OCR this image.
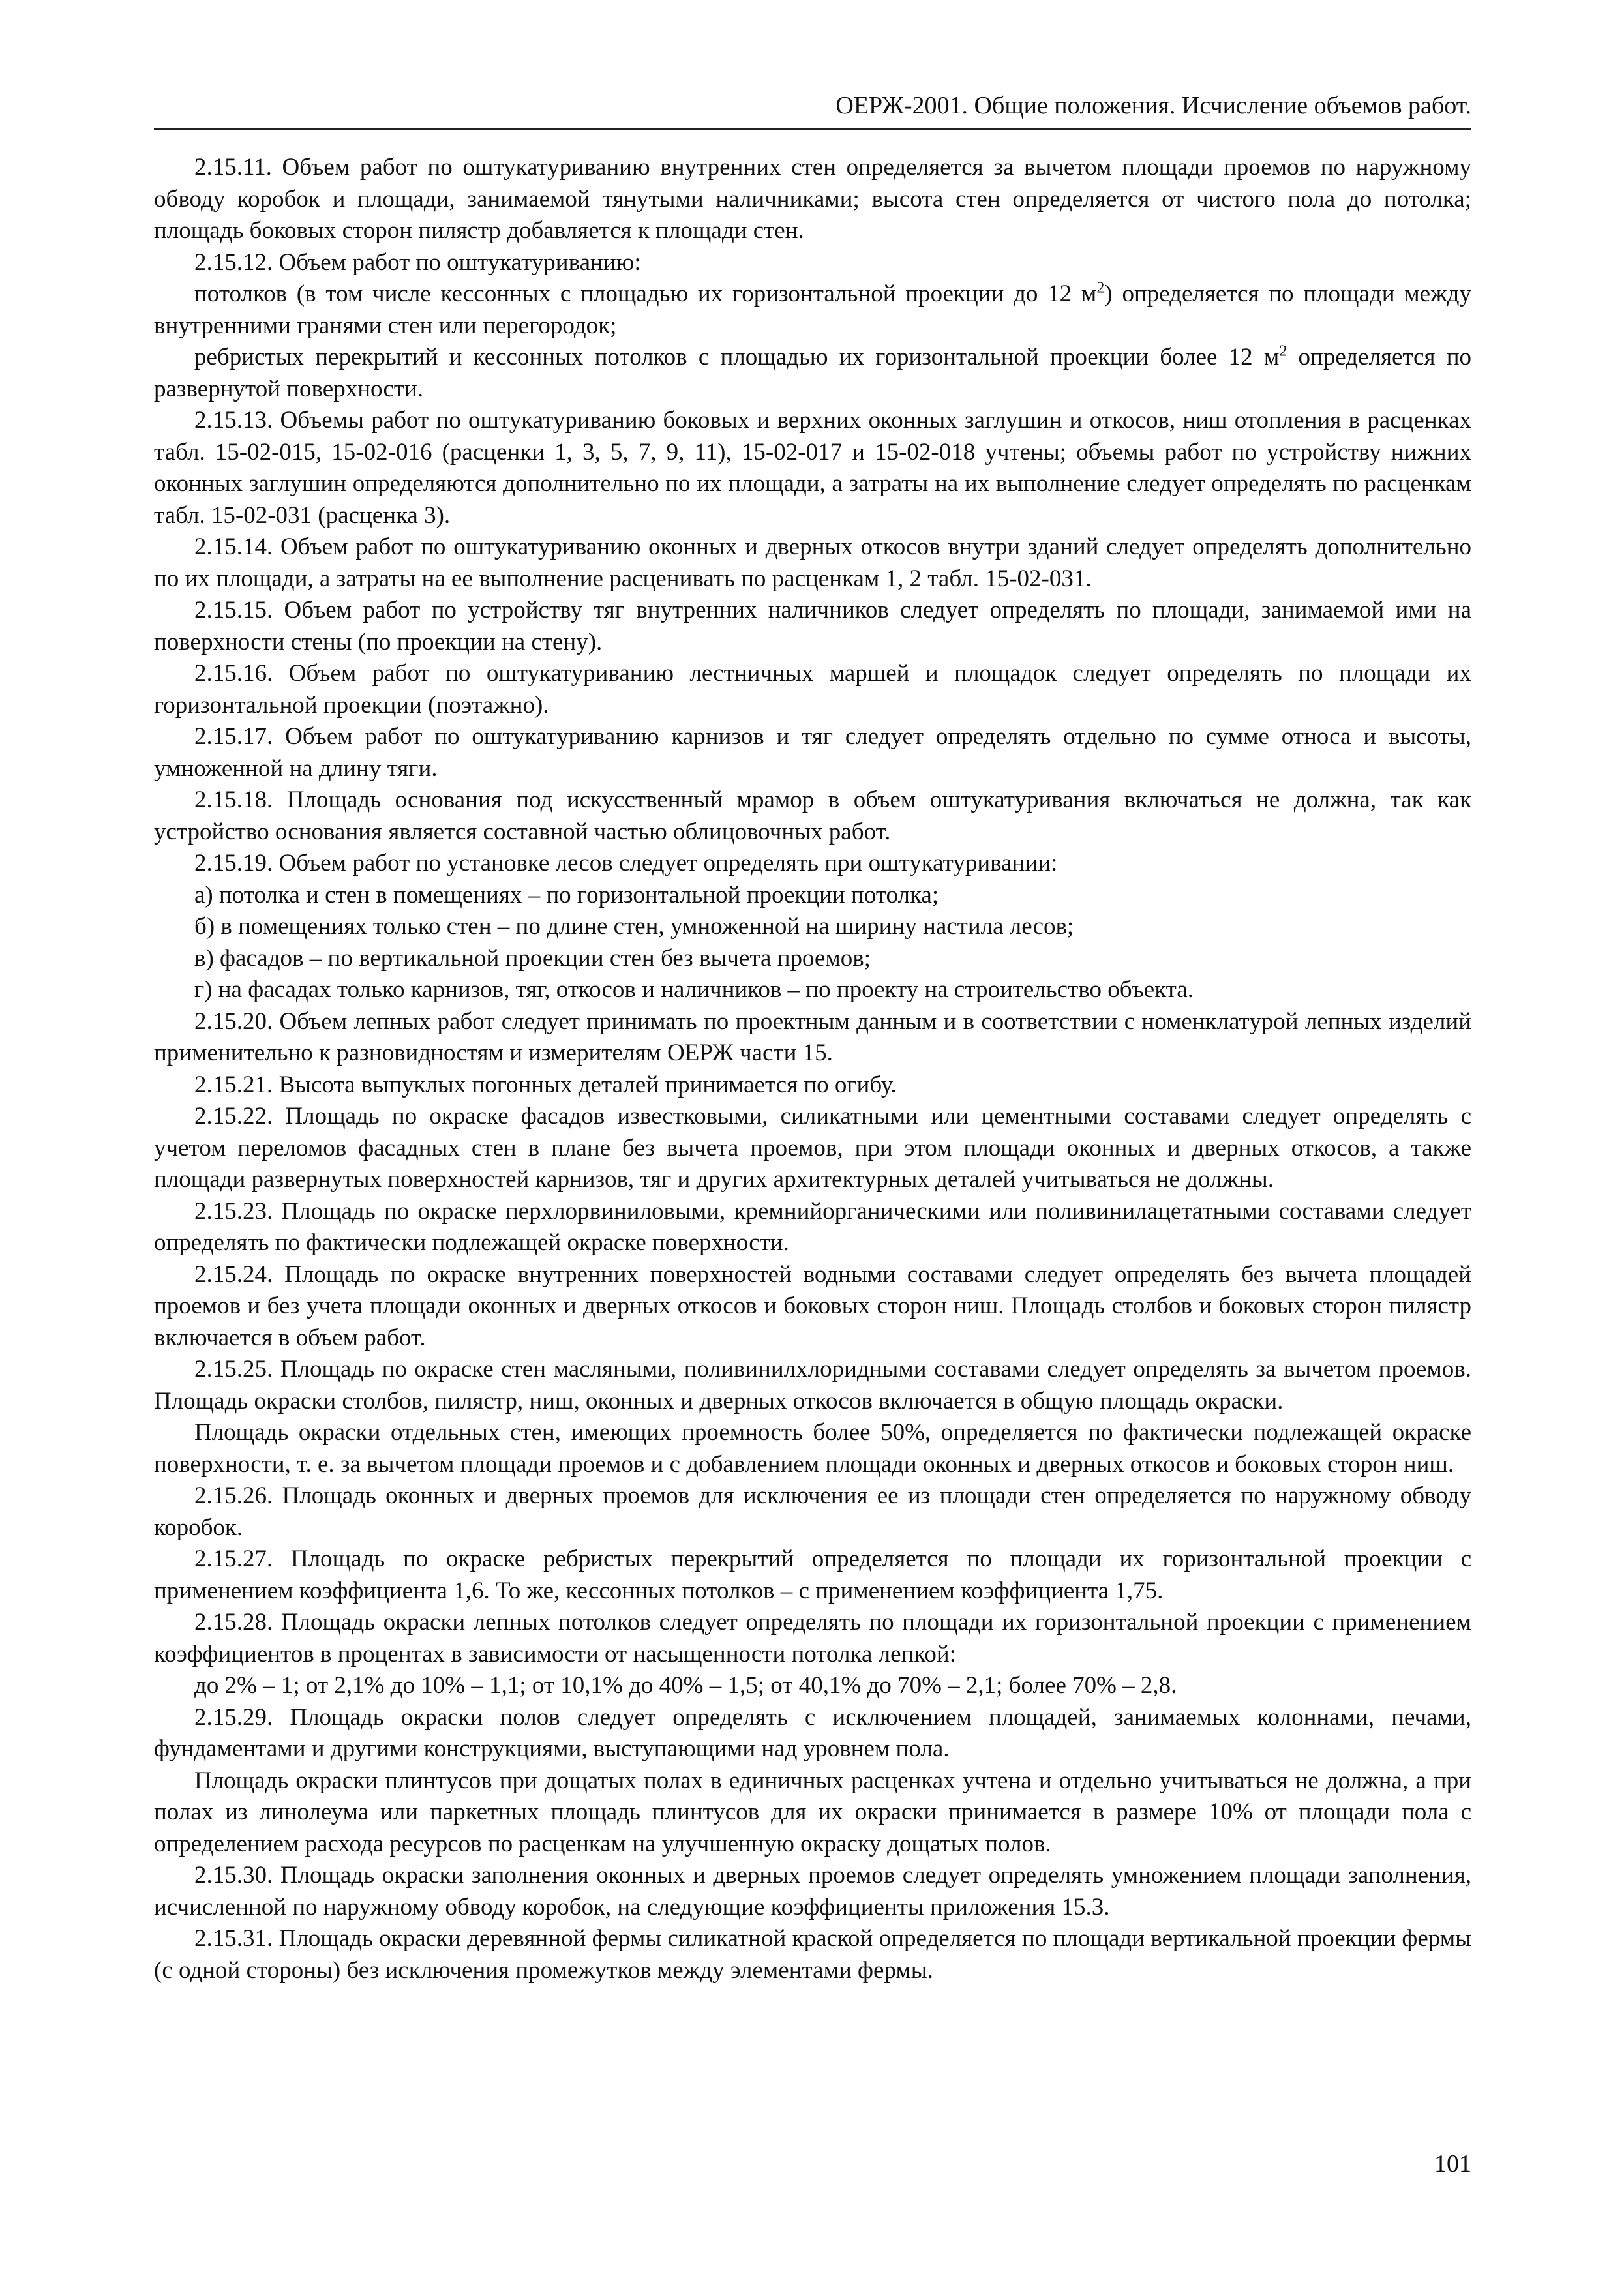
ОЕРЖ-2001. Общие положения. Исчисление объемов работ.

2.15.11. Объем работ по оштукатуриванию внутренних стен определяется за вычетом площади проемов по наружному обводу коробок и площади, занимаемой тянутыми наличниками; высота стен определяется от чистого пола до потолка; площадь боковых сторон пилястр добавляется к площади стен.

2.15.12. Объем работ по оштукатуриванию:

потолков (в том числе кессонных с площадью их горизонтальной проекции до 12 $м^2$) определяется по площади между внутренними гранями стен или перегородок;

ребристых перекрытий и кессонных потолков с площадью их горизонтальной проекции более 12 $м^2$ определяется по развернутой поверхности.

2.15.13. Объемы работ по оштукатуриванию боковых и верхних оконных заглушин и откосов, ниш отопления в расценках табл. 15-02-015, 15-02-016 (расценки 1, 3, 5, 7, 9, 11), 15-02-017 и 15-02-018 учтены; объемы работ по устройству нижних оконных заглушин определяются дополнительно по их площади, а затраты на их выполнение следует определять по расценкам табл. 15-02-031 (расценка 3).

2.15.14. Объем работ по оштукатуриванию оконных и дверных откосов внутри зданий следует определять дополнительно по их площади, а затраты на ее выполнение расценивать по расценкам 1, 2 табл. 15-02-031.

2.15.15. Объем работ по устройству тяг внутренних наличников следует определять по площади, занимаемой ими на поверхности стены (по проекции на стену).

2.15.16. Объем работ по оштукатуриванию лестничных маршей и площадок следует определять по площади их горизонтальной проекции (поэтажно).

2.15.17. Объем работ по оштукатуриванию карнизов и тяг следует определять отдельно по сумме относа и высоты, умноженной на длину тяги.

2.15.18. Площадь основания под искусственный мрамор в объем оштукатуривания включаться не должна, так как устройство основания является составной частью облицовочных работ.

2.15.19. Объем работ по установке лесов следует определять при оштукатуривании:

а) потолка и стен в помещениях – по горизонтальной проекции потолка;

б) в помещениях только стен – по длине стен, умноженной на ширину настила лесов;

в) фасадов – по вертикальной проекции стен без вычета проемов;

г) на фасадах только карнизов, тяг, откосов и наличников – по проекту на строительство объекта.

2.15.20. Объем лепных работ следует принимать по проектным данным и в соответствии с номенклатурой лепных изделий применительно к разновидностям и измерителям ОЕРЖ части 15.

2.15.21. Высота выпуклых погонных деталей принимается по огибу.

2.15.22. Площадь по окраске фасадов известковыми, силикатными или цементными составами следует определять с учетом переломов фасадных стен в плане без вычета проемов, при этом площади оконных и дверных откосов, а также площади развернутых поверхностей карнизов, тяг и других архитектурных деталей учитываться не должны.

2.15.23. Площадь по окраске перхлорвиниловыми, кремнийорганическими или поливинилацетатными составами следует определять по фактически подлежащей окраске поверхности.

2.15.24. Площадь по окраске внутренних поверхностей водными составами следует определять без вычета площадей проемов и без учета площади оконных и дверных откосов и боковых сторон ниш. Площадь столбов и боковых сторон пилястр включается в объем работ.

2.15.25. Площадь по окраске стен масляными, поливинилхлоридными составами следует определять за вычетом проемов. Площадь окраски столбов, пилястр, ниш, оконных и дверных откосов включается в общую площадь окраски.

Площадь окраски отдельных стен, имеющих проемность более 50%, определяется по фактически подлежащей окраске поверхности, т. е. за вычетом площади проемов и с добавлением площади оконных и дверных откосов и боковых сторон ниш.

2.15.26. Площадь оконных и дверных проемов для исключения ее из площади стен определяется по наружному обводу коробок.

2.15.27. Площадь по окраске ребристых перекрытий определяется по площади их горизонтальной проекции с применением коэффициента 1,6. То же, кессонных потолков – с применением коэффициента 1,75.

2.15.28. Площадь окраски лепных потолков следует определять по площади их горизонтальной проекции с применением коэффициентов в процентах в зависимости от насыщенности потолка лепкой:

до 2% – 1; от 2,1% до 10% – 1,1; от 10,1% до 40% – 1,5; от 40,1% до 70% – 2,1; более 70% – 2,8.

2.15.29. Площадь окраски полов следует определять с исключением площадей, занимаемых колоннами, печами, фундаментами и другими конструкциями, выступающими над уровнем пола.

Площадь окраски плинтусов при дощатых полах в единичных расценках учтена и отдельно учитываться не должна, а при полах из линолеума или паркетных площадь плинтусов для их окраски принимается в размере 10% от площади пола с определением расхода ресурсов по расценкам на улучшенную окраску дощатых полов.

2.15.30. Площадь окраски заполнения оконных и дверных проемов следует определять умножением площади заполнения, исчисленной по наружному обводу коробок, на следующие коэффициенты приложения 15.3.

2.15.31. Площадь окраски деревянной фермы силикатной краской определяется по площади вертикальной проекции фермы (с одной стороны) без исключения промежутков между элементами фермы.

101
